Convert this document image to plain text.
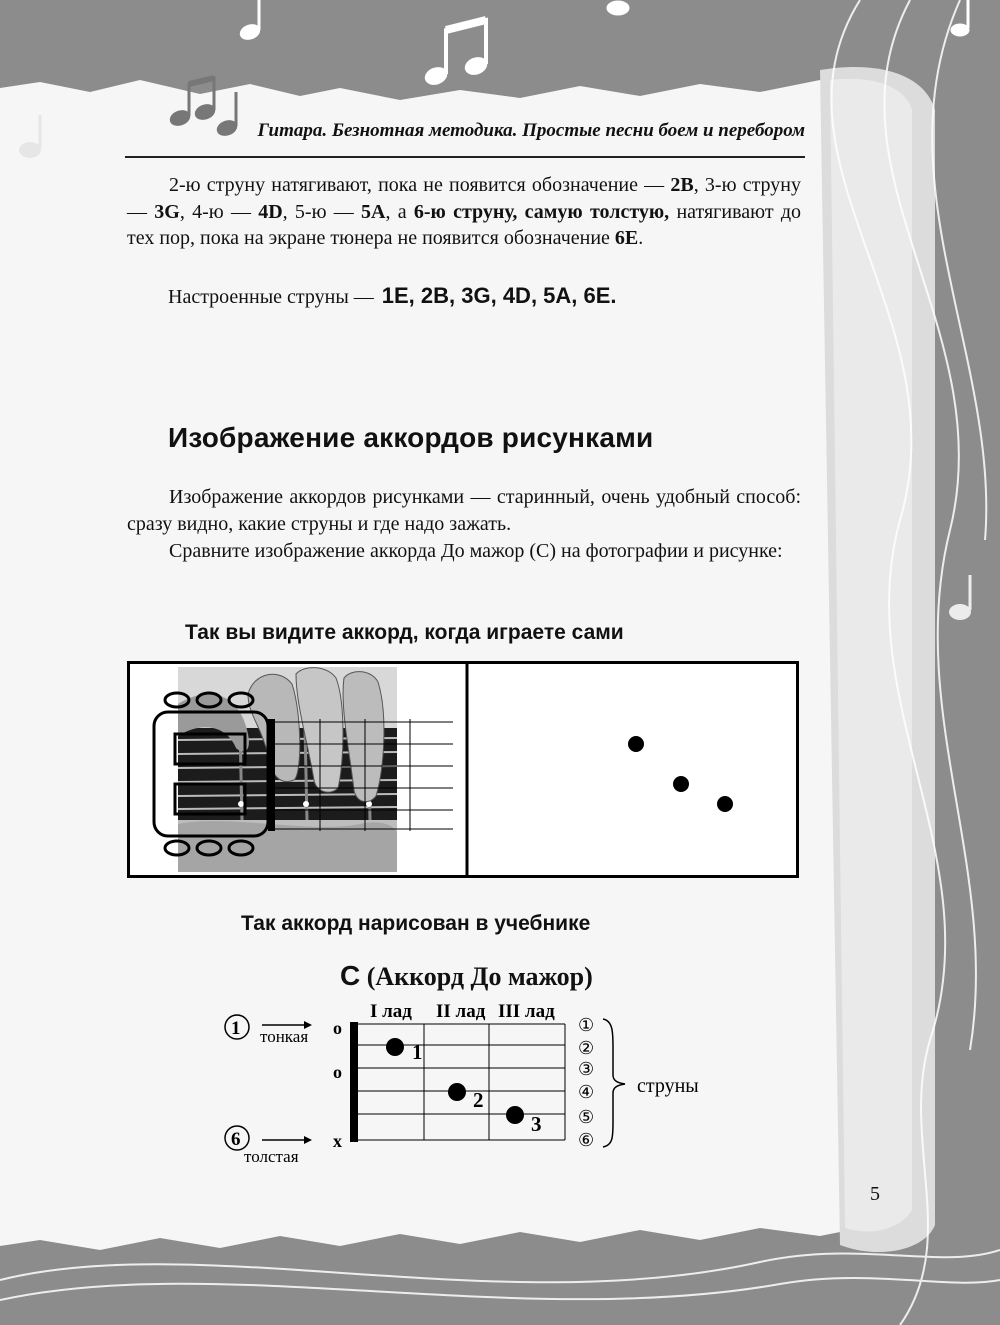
Гитара. Безнотная методика. Простые песни боем и перебором

2-ю струну натягивают, пока не появится обозначение — 2B, 3-ю струну — 3G, 4-ю — 4D, 5-ю — 5A, а 6-ю струну, самую толстую, натягивают до тех пор, пока на экране тюнера не появится обозначение 6E.

Настроенные струны — 1E, 2B, 3G, 4D, 5A, 6E.
Изображение аккордов рисунками

Изображение аккордов рисунками — старинный, очень удобный способ: сразу видно, какие струны и где надо зажать.

Сравните изображение аккорда До мажор (С) на фотографии и рисунке:

Так вы видите аккорд, когда играете сами
Так аккорд нарисован в учебнике
C (Аккорд До мажор)
I лад II лад III лад
о
о
х
1
2
3
1 тонкая
6
толстая
①
②
③
④
⑤
⑥
струны
5
